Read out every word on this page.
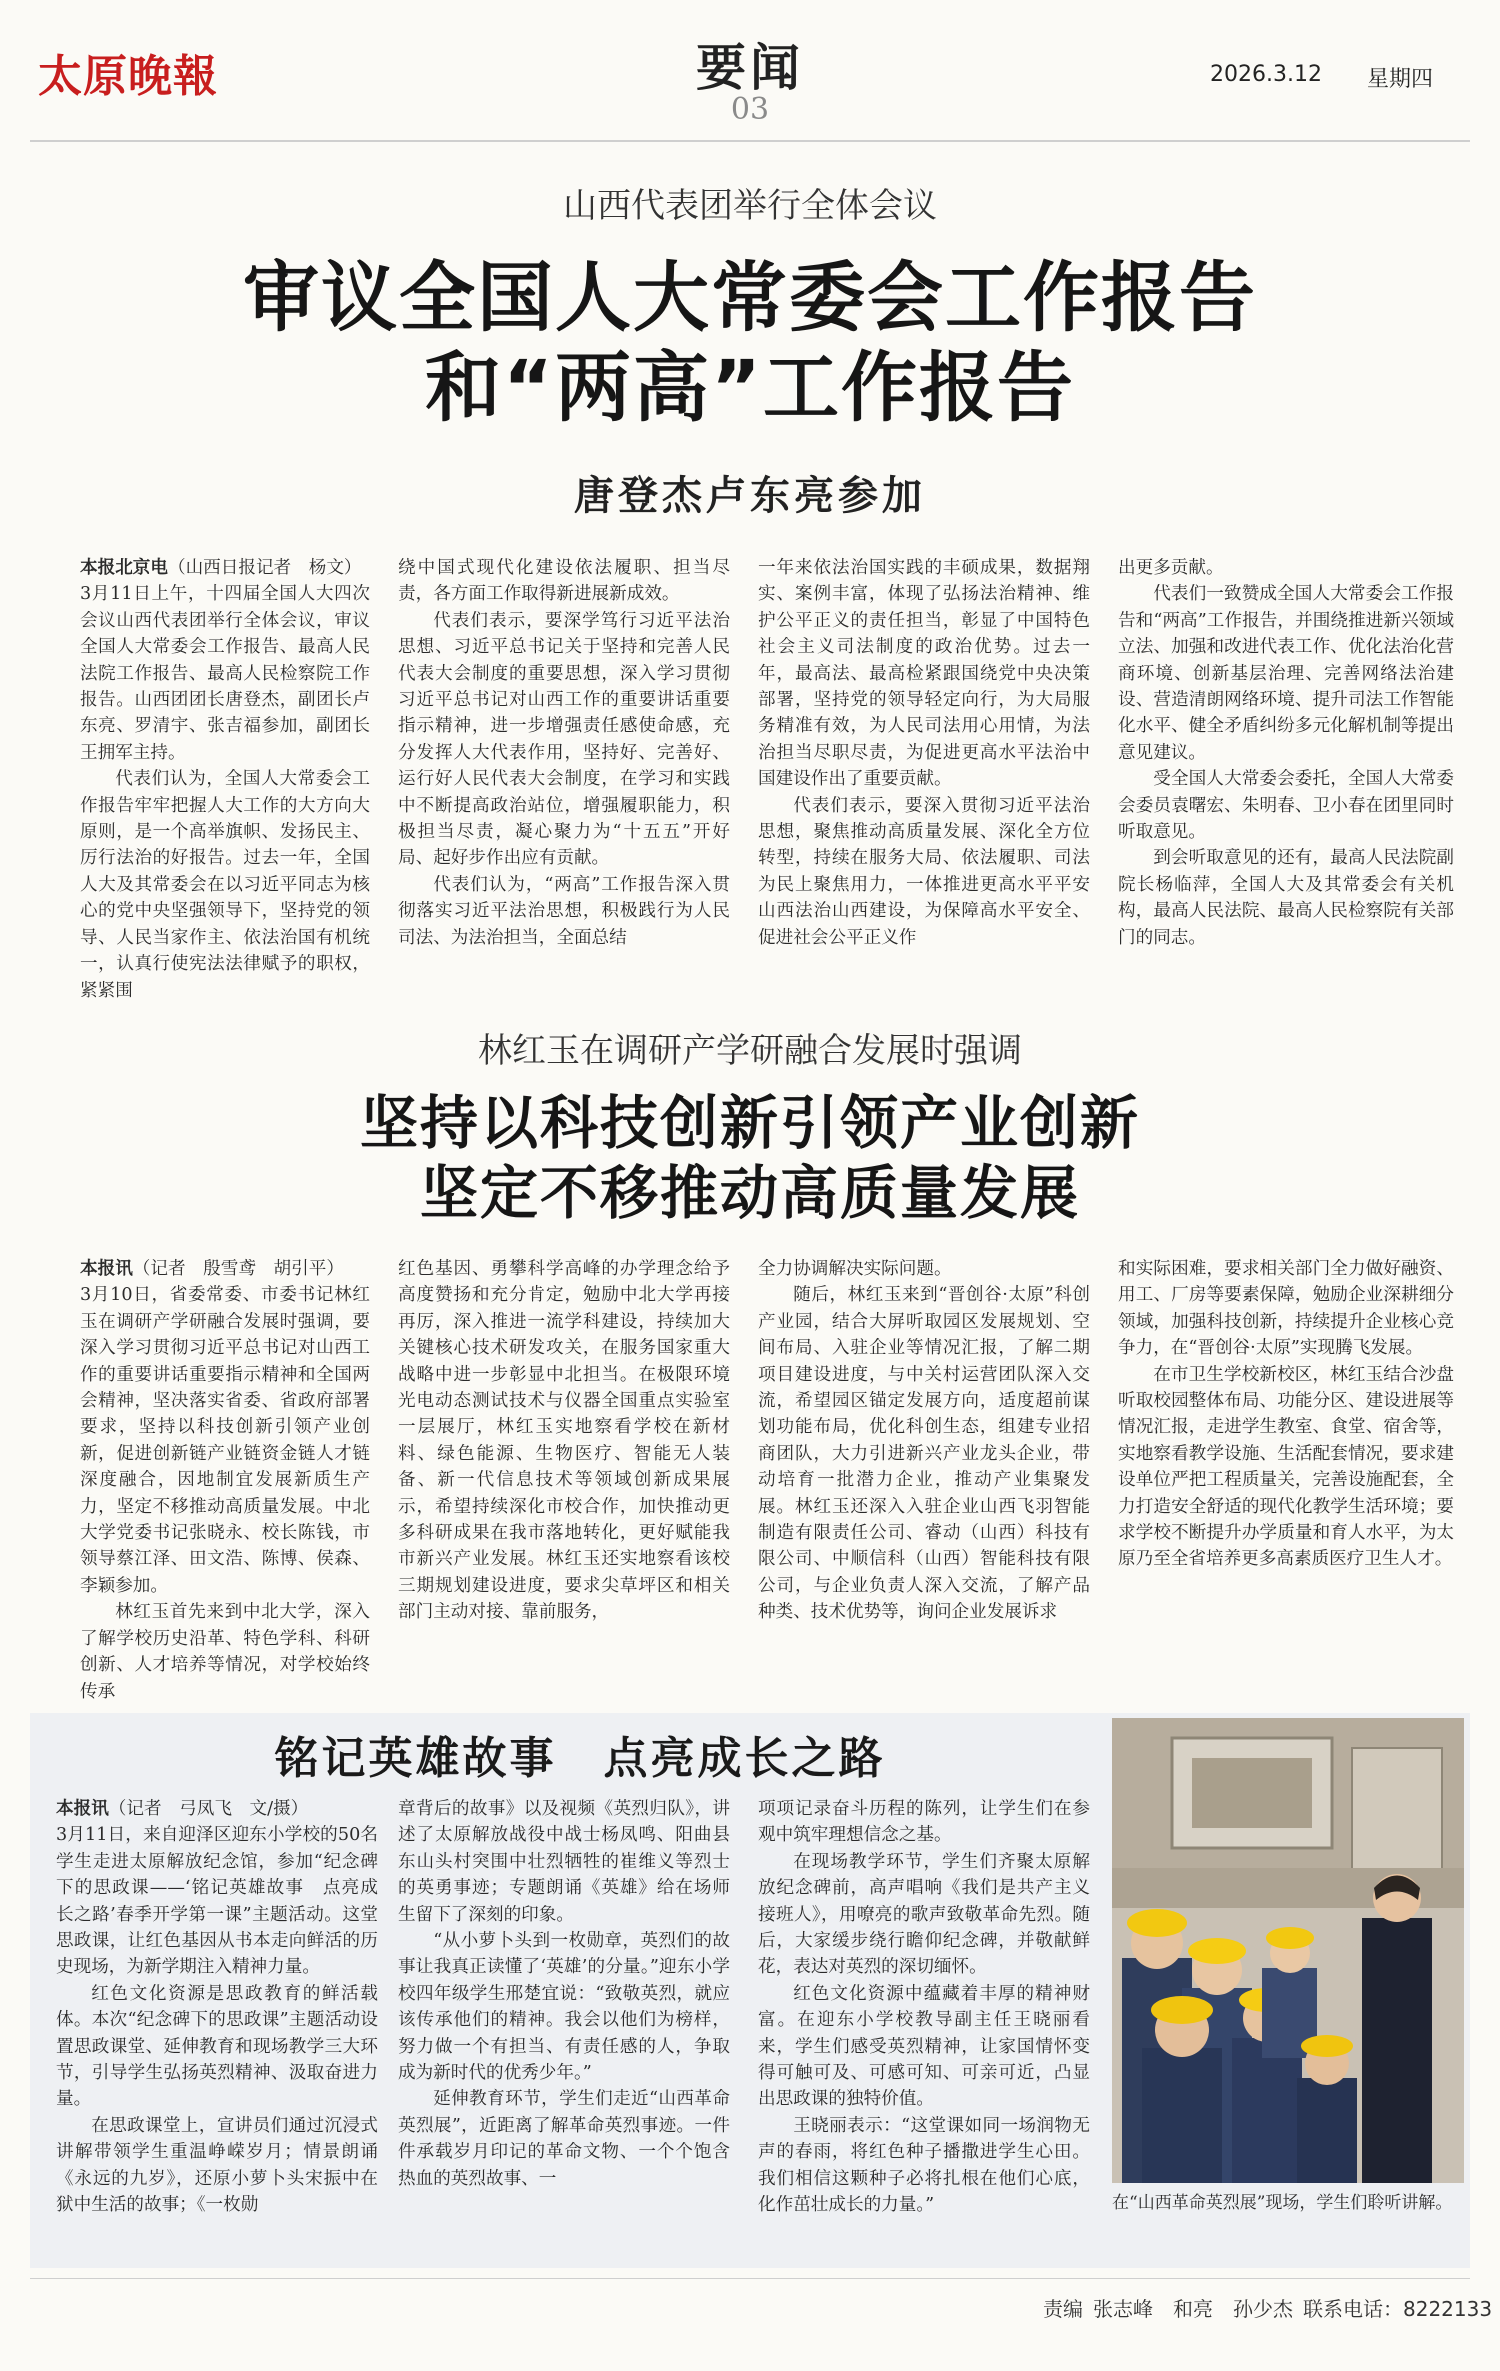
太原晚報	要闻
03
2026.3.12 星期四
山西代表团举行全体会议
审议全国人大常委会工作报告
和“两高”工作报告
唐登杰卢东亮参加

本报北京电（山西日报记者　杨文）

3月11日上午，十四届全国人大四次会议山西代表团举行全体会议，审议全国人大常委会工作报告、最高人民法院工作报告、最高人民检察院工作报告。山西团团长唐登杰，副团长卢东亮、罗清宇、张吉福参加，副团长王拥军主持。

代表们认为，全国人大常委会工作报告牢牢把握人大工作的大方向大原则，是一个高举旗帜、发扬民主、厉行法治的好报告。过去一年，全国人大及其常委会在以习近平同志为核心的党中央坚强领导下，坚持党的领导、人民当家作主、依法治国有机统一，认真行使宪法法律赋予的职权，紧紧围

绕中国式现代化建设依法履职、担当尽责，各方面工作取得新进展新成效。

代表们表示，要深学笃行习近平法治思想、习近平总书记关于坚持和完善人民代表大会制度的重要思想，深入学习贯彻习近平总书记对山西工作的重要讲话重要指示精神，进一步增强责任感使命感，充分发挥人大代表作用，坚持好、完善好、运行好人民代表大会制度，在学习和实践中不断提高政治站位，增强履职能力，积极担当尽责，凝心聚力为“十五五”开好局、起好步作出应有贡献。

代表们认为，“两高”工作报告深入贯彻落实习近平法治思想，积极践行为人民司法、为法治担当，全面总结

一年来依法治国实践的丰硕成果，数据翔实、案例丰富，体现了弘扬法治精神、维护公平正义的责任担当，彰显了中国特色社会主义司法制度的政治优势。过去一年，最高法、最高检紧跟国绕党中央决策部署，坚持党的领导轻定向行，为大局服务精准有效，为人民司法用心用情，为法治担当尽职尽责，为促进更高水平法治中国建设作出了重要贡献。

代表们表示，要深入贯彻习近平法治思想，聚焦推动高质量发展、深化全方位转型，持续在服务大局、依法履职、司法为民上聚焦用力，一体推进更高水平平安山西法治山西建设，为保障高水平安全、促进社会公平正义作

出更多贡献。

代表们一致赞成全国人大常委会工作报告和“两高”工作报告，并围绕推进新兴领域立法、加强和改进代表工作、优化法治化营商环境、创新基层治理、完善网络法治建设、营造清朗网络环境、提升司法工作智能化水平、健全矛盾纠纷多元化解机制等提出意见建议。

受全国人大常委会委托，全国人大常委会委员袁曙宏、朱明春、卫小春在团里同时听取意见。

到会听取意见的还有，最高人民法院副院长杨临萍，全国人大及其常委会有关机构，最高人民法院、最高人民检察院有关部门的同志。

林红玉在调研产学研融合发展时强调
坚持以科技创新引领产业创新
坚定不移推动高质量发展

本报讯（记者　殷雪鸢　胡引平）

3月10日，省委常委、市委书记林红玉在调研产学研融合发展时强调，要深入学习贯彻习近平总书记对山西工作的重要讲话重要指示精神和全国两会精神，坚决落实省委、省政府部署要求，坚持以科技创新引领产业创新，促进创新链产业链资金链人才链深度融合，因地制宜发展新质生产力，坚定不移推动高质量发展。中北大学党委书记张晓永、校长陈钱，市领导蔡江泽、田文浩、陈博、侯森、李颖参加。

林红玉首先来到中北大学，深入了解学校历史沿革、特色学科、科研创新、人才培养等情况，对学校始终传承

红色基因、勇攀科学高峰的办学理念给予高度赞扬和充分肯定，勉励中北大学再接再厉，深入推进一流学科建设，持续加大关键核心技术研发攻关，在服务国家重大战略中进一步彰显中北担当。在极限环境光电动态测试技术与仪器全国重点实验室一层展厅，林红玉实地察看学校在新材料、绿色能源、生物医疗、智能无人装备、新一代信息技术等领域创新成果展示，希望持续深化市校合作，加快推动更多科研成果在我市落地转化，更好赋能我市新兴产业发展。林红玉还实地察看该校三期规划建设进度，要求尖草坪区和相关部门主动对接、靠前服务，

全力协调解决实际问题。

随后，林红玉来到“晋创谷·太原”科创产业园，结合大屏听取园区发展规划、空间布局、入驻企业等情况汇报，了解二期项目建设进度，与中关村运营团队深入交流，希望园区锚定发展方向，适度超前谋划功能布局，优化科创生态，组建专业招商团队，大力引进新兴产业龙头企业，带动培育一批潜力企业，推动产业集聚发展。林红玉还深入入驻企业山西飞羽智能制造有限责任公司、睿动（山西）科技有限公司、中顺信科（山西）智能科技有限公司，与企业负责人深入交流，了解产品种类、技术优势等，询问企业发展诉求

和实际困难，要求相关部门全力做好融资、用工、厂房等要素保障，勉励企业深耕细分领域，加强科技创新，持续提升企业核心竞争力，在“晋创谷·太原”实现腾飞发展。

在市卫生学校新校区，林红玉结合沙盘听取校园整体布局、功能分区、建设进展等情况汇报，走进学生教室、食堂、宿舍等，实地察看教学设施、生活配套情况，要求建设单位严把工程质量关，完善设施配套，全力打造安全舒适的现代化教学生活环境；要求学校不断提升办学质量和育人水平，为太原乃至全省培养更多高素质医疗卫生人才。

铭记英雄故事　点亮成长之路

本报讯（记者　弓凤飞　文/摄）

3月11日，来自迎泽区迎东小学校的50名学生走进太原解放纪念馆，参加“纪念碑下的思政课——‘铭记英雄故事　点亮成长之路’春季开学第一课”主题活动。这堂思政课，让红色基因从书本走向鲜活的历史现场，为新学期注入精神力量。

红色文化资源是思政教育的鲜活载体。本次“纪念碑下的思政课”主题活动设置思政课堂、延伸教育和现场教学三大环节，引导学生弘扬英烈精神、汲取奋进力量。

在思政课堂上，宣讲员们通过沉浸式讲解带领学生重温峥嵘岁月；情景朗诵《永远的九岁》，还原小萝卜头宋振中在狱中生活的故事；《一枚勋

章背后的故事》以及视频《英烈归队》，讲述了太原解放战役中战士杨凤鸣、阳曲县东山头村突围中壮烈牺牲的崔维义等烈士的英勇事迹；专题朗诵《英雄》给在场师生留下了深刻的印象。

“从小萝卜头到一枚勋章，英烈们的故事让我真正读懂了‘英雄’的分量。”迎东小学校四年级学生邢楚宜说：“致敬英烈，就应该传承他们的精神。我会以他们为榜样，努力做一个有担当、有责任感的人，争取成为新时代的优秀少年。”

延伸教育环节，学生们走近“山西革命英烈展”，近距离了解革命英烈事迹。一件件承载岁月印记的革命文物、一个个饱含热血的英烈故事、一

项项记录奋斗历程的陈列，让学生们在参观中筑牢理想信念之基。

在现场教学环节，学生们齐聚太原解放纪念碑前，高声唱响《我们是共产主义接班人》，用嘹亮的歌声致敬革命先烈。随后，大家缓步绕行瞻仰纪念碑，并敬献鲜花，表达对英烈的深切缅怀。

红色文化资源中蕴藏着丰厚的精神财富。在迎东小学校教导副主任王晓丽看来，学生们感受英烈精神，让家国情怀变得可触可及、可感可知、可亲可近，凸显出思政课的独特价值。

王晓丽表示：“这堂课如同一场润物无声的春雨，将红色种子播撒进学生心田。我们相信这颗种子必将扎根在他们心底，化作茁壮成长的力量。”	在“山西革命英烈展”现场，学生们聆听讲解。
责编 张志峰　和亮　孙少杰 联系电话：8222133
